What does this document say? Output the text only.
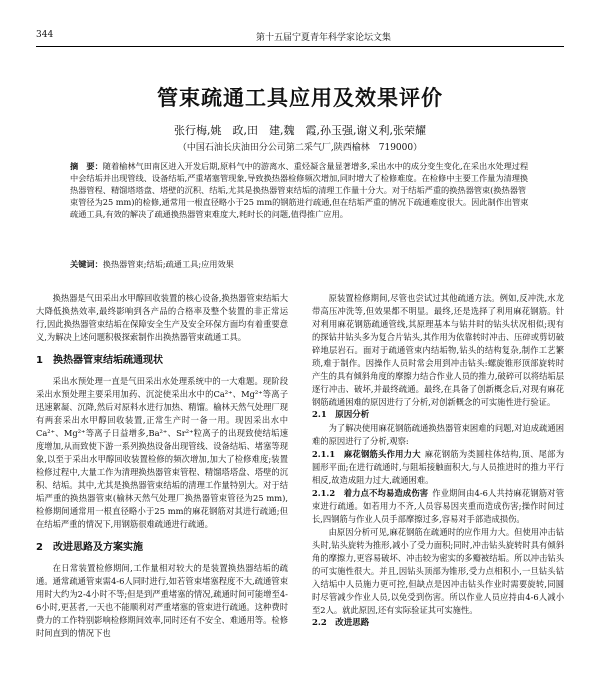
344	第十五届宁夏青年科学家论坛文集
管束疏通工具应用及效果评价
张行梅,姚　政,田　建,魏　霞,孙玉强,谢义利,张荣耀
（中国石油长庆油田分公司第二采气厂,陕西榆林　719000）
摘　要：随着榆林气田南区进入开发后期,原料气中的游离水、重烃凝含量显著增多,采出水中的成分变生变化,在采出水处理过程中会结垢并出现管线、设备结垢,严重堵塞管现象,导致换热器检修频次增加,同时增大了检修难度。在检修中主要工作量为清理换热器管程、精馏塔塔盘、塔壁的沉积、结垢,尤其是换热器管束结垢的清理工作量十分大。对于结垢严重的换热器管束(换热器管束管径为25 mm)的检修,通常用一根直径略小于25 mm的钢筋进行疏通,但在结垢严重的情况下疏通难度很大。因此制作出管束疏通工具,有效的解决了疏通换热器管束难度大,耗时长的问题,值得推广应用。
关键词：换热器管束;结垢;疏通工具;应用效果

换热器是气田采出水甲醇回收装置的核心设备,换热器管束结垢大大降低换热效率,最终影响到各产品的合格率及整个装置的非正常运行,因此换热器管束结垢在保障安全生产及安全环保方面均有着重要意义,为解决上述问题积极探索制作出换热器管束疏通工具。

1　换热器管束结垢疏通现状

采出水预处理一直是气田采出水处理系统中的一大难题。现阶段采出水预处理主要采用加药、沉淀使采出水中的Ca²⁺、Mg²⁺等离子迅速絮凝、沉降,然后对原料水进行加热、精馏。榆林天然气处理厂现有两套采出水甲醇回收装置,正常生产时一备一用。现因采出水中Ca²⁺、Mg²⁺等离子日益增多,Ba²⁺、Sr²⁺粒离子的出现致使结垢速度增加,从而致使下游一系列换热设备出现管线、设备结垢、堵塞等现象,以至于采出水甲醇回收装置检修的频次增加,加大了检修难度;装置检修过程中,大量工作为清理换热器管束管程、精馏塔塔盘、塔壁的沉积、结垢。其中,尤其是换热器管束结垢的清理工作量特别大。对于结垢严重的换热器管束(榆林天然气处理厂换热器管束管径为25 mm),检修期间通常用一根直径略小于25 mm的麻花钢筋对其进行疏通;但在结垢严重的情况下,用钢筋很难疏通进行疏通。

2　改进思路及方案实施

在日常装置检修期间,工作量相对较大的是装置换热器结垢的疏通。通常疏通管束需4-6人同时进行,如若管束堵塞程度不大,疏通管束用时大约为2-4小时不等;但是到严重堵塞的情况,疏通时间可能增至4-6小时,更甚者,一天也不能顺利对严重堵塞的管束进行疏通。这种费时费力的工作特别影响检修期间效率,同时还有不安全、难通用等。检修时间直到的情况下也

原装置检修期间,尽管也尝试过其他疏通方法。例如,反冲洗,水龙带高压冲洗等,但效果都不明显。最终,还是选择了利用麻花钢筋。针对利用麻花钢筋疏通管线,其原理基本与钻井时的钻头状况相似;现有的探钻井钻头多为复合片钻头,其作用为依靠转时冲击、压碎或剪切破碎地层岩石。面对于疏通管束内结垢物,钻头的结构复杂,制作工艺繁琐,难于制作。因操作人员时常会用到冲击钻头:螺旋锥形顶部旋转时产生的具有倾斜角度的摩擦力结合作业人员的推力,破碎可以将结垢层逐行冲击、破坏,并最终疏通。最终,在具备了创新概念后,对现有麻花钢筋疏通困难的原因进行了分析,对创新概念的可实施性进行验证。

2.1　原因分析

为了解决使用麻花钢筋疏通换热器管束困难的问题,对迫成疏通困难的原因进行了分析,观察:

2.1.1　麻花钢筋头作用力大 麻花钢筋为类圆柱体结构,顶、尾部为圆形平面;在进行疏通时,与阻垢接触面积大,与人员推进时的推力平行相反,故造成阻力过大,疏通困难。

2.1.2　着力点不均易造成伤害 作业期间由4-6人共持麻花钢筋对管束进行疏通。如若用力不齐,人员容易因夹重而造成伤害;操作时间过长,四钢筋与作业人员手部摩擦过多,容易对手部造成损伤。

由原因分析可见,麻花钢筋在疏通时的应作用力大。但使用冲击钻头时,钻头旋转为推形,减小了受力面积;同时,冲击钻头旋转时具有倾斜角的摩擦力,更容易破坏、冲击较为密实的多瓣被结垢。所以冲击钻头的可实施性很大。并且,因钻头顶部为锥形,受力点相积小,一旦钻头钻入结垢中人员施力更可控,但缺点是因冲击钻头作业时需要旋转,同圆时尽管减少作业人员,以免受到伤害。所以作业人员应持由4-6人减小至2人。就此原因,还有实际验证其可实施性。

2.2　改进思路
